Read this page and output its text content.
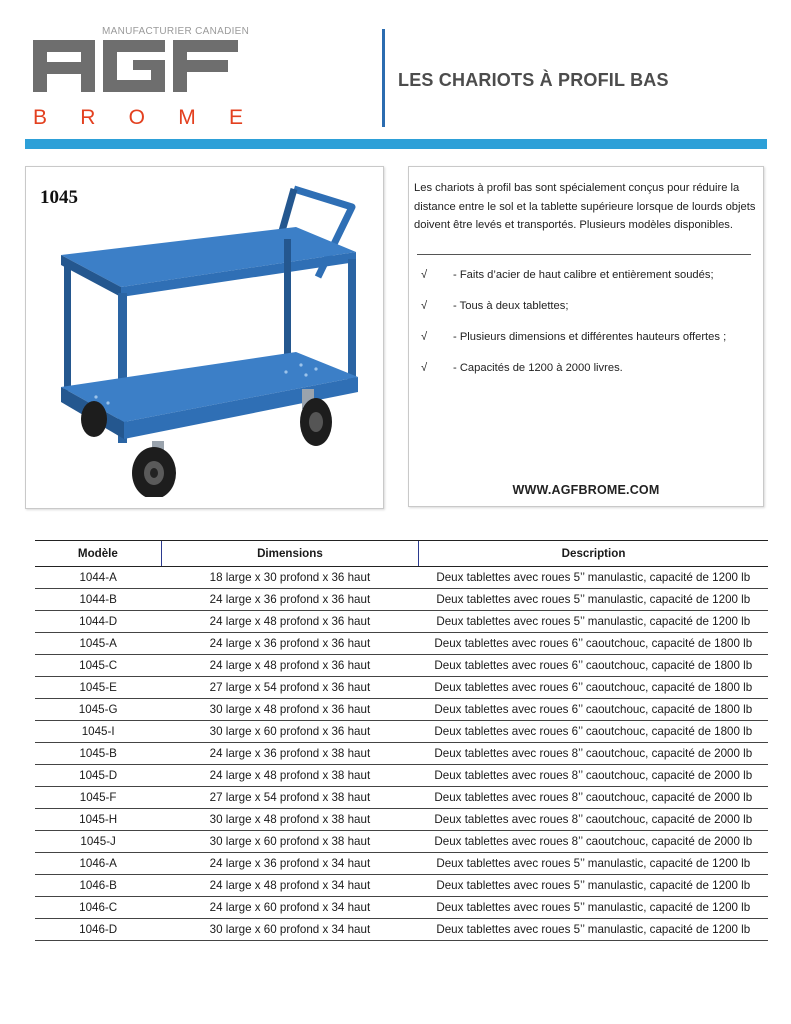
MANUFACTURIER CANADIEN
B R O M E
LES CHARIOTS À PROFIL BAS
1045	Les chariots à profil bas sont spécialement conçus pour réduire la distance entre le sol et la tablette supérieure lorsque de lourds objets doivent être levés et transportés. Plusieurs modèles disponibles.
√	- Faits d’acier de haut calibre et entièrement soudés;
√	- Tous à deux tablettes;
√	- Plusieurs dimensions et différentes hauteurs offertes ;
√	- Capacités de 1200 à 2000 livres.
WWW.AGFBROME.COM
Modèle	Dimensions	Description
1044-A	18 large x 30 profond x 36 haut	Deux tablettes avec roues 5’’ manulastic, capacité de 1200 lb
1044-B	24 large x 36 profond x 36 haut	Deux tablettes avec roues 5’’ manulastic, capacité de 1200 lb
1044-D	24 large x 48 profond x 36 haut	Deux tablettes avec roues 5’’ manulastic, capacité de 1200 lb
1045-A	24 large x 36 profond x 36 haut	Deux tablettes avec roues 6’’ caoutchouc, capacité de 1800 lb
1045-C	24 large x 48 profond x 36 haut	Deux tablettes avec roues 6’’ caoutchouc, capacité de 1800 lb
1045-E	27 large x 54 profond x 36 haut	Deux tablettes avec roues 6’’ caoutchouc, capacité de 1800 lb
1045-G	30 large x 48 profond x 36 haut	Deux tablettes avec roues 6’’ caoutchouc, capacité de 1800 lb
1045-I	30 large x 60 profond x 36 haut	Deux tablettes avec roues 6’’ caoutchouc, capacité de 1800 lb
1045-B	24 large x 36 profond x 38 haut	Deux tablettes avec roues 8’’ caoutchouc, capacité de 2000 lb
1045-D	24 large x 48 profond x 38 haut	Deux tablettes avec roues 8’’ caoutchouc, capacité de 2000 lb
1045-F	27 large x 54 profond x 38 haut	Deux tablettes avec roues 8’’ caoutchouc, capacité de 2000 lb
1045-H	30 large x 48 profond x 38 haut	Deux tablettes avec roues 8’’ caoutchouc, capacité de 2000 lb
1045-J	30 large x 60 profond x 38 haut	Deux tablettes avec roues 8’’ caoutchouc, capacité de 2000 lb
1046-A	24 large x 36 profond x 34 haut	Deux tablettes avec roues 5’’ manulastic, capacité de 1200 lb
1046-B	24 large x 48 profond x 34 haut	Deux tablettes avec roues 5’’ manulastic, capacité de 1200 lb
1046-C	24 large x 60 profond x 34 haut	Deux tablettes avec roues 5’’ manulastic, capacité de 1200 lb
1046-D	30 large x 60 profond x 34 haut	Deux tablettes avec roues 5’’ manulastic, capacité de 1200 lb
